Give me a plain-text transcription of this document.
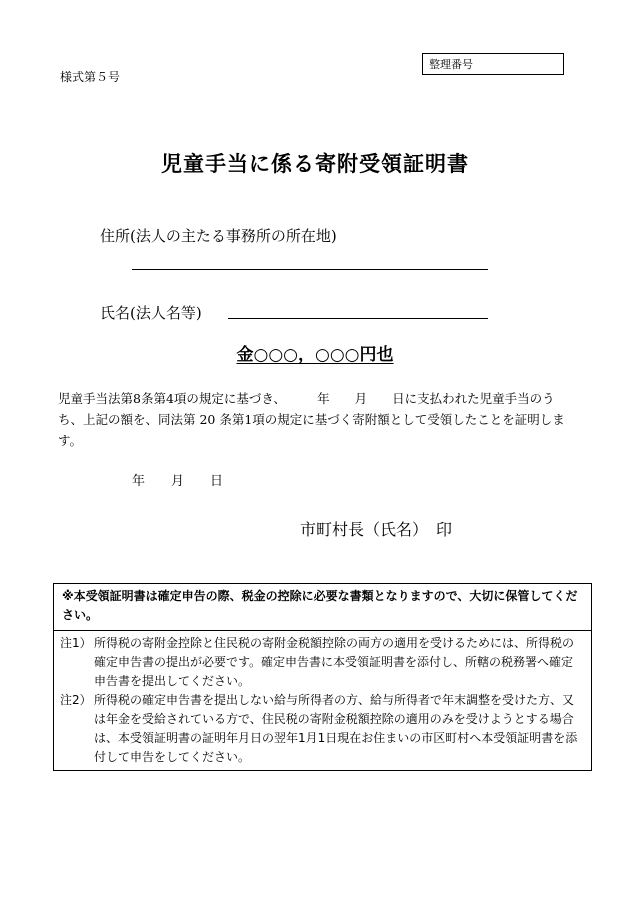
様式第５号
整理番号
児童手当に係る寄附受領証明書
住所(法人の主たる事務所の所在地)
氏名(法人名等)
金○○○，○○○円也

児童手当法第8条第4項の規定に基づき、　　　年　　月　　日に支払われた児童手当のうち、上記の額を、同法第 20 条第1項の規定に基づく寄附額として受領したことを証明します。

年　　月　　日
市町村長（氏名）　印
※本受領証明書は確定申告の際、税金の控除に必要な書類となりますので、大切に保管してください。
注1） 所得税の寄附金控除と住民税の寄附金税額控除の両方の適用を受けるためには、所得税の確定申告書の提出が必要です。確定申告書に本受領証明書を添付し、所轄の税務署へ確定申告書を提出してください。
注2） 所得税の確定申告書を提出しない給与所得者の方、給与所得者で年末調整を受けた方、又は年金を受給されている方で、住民税の寄附金税額控除の適用のみを受けようとする場合は、本受領証明書の証明年月日の翌年1月1日現在お住まいの市区町村へ本受領証明書を添付して申告をしてください。
